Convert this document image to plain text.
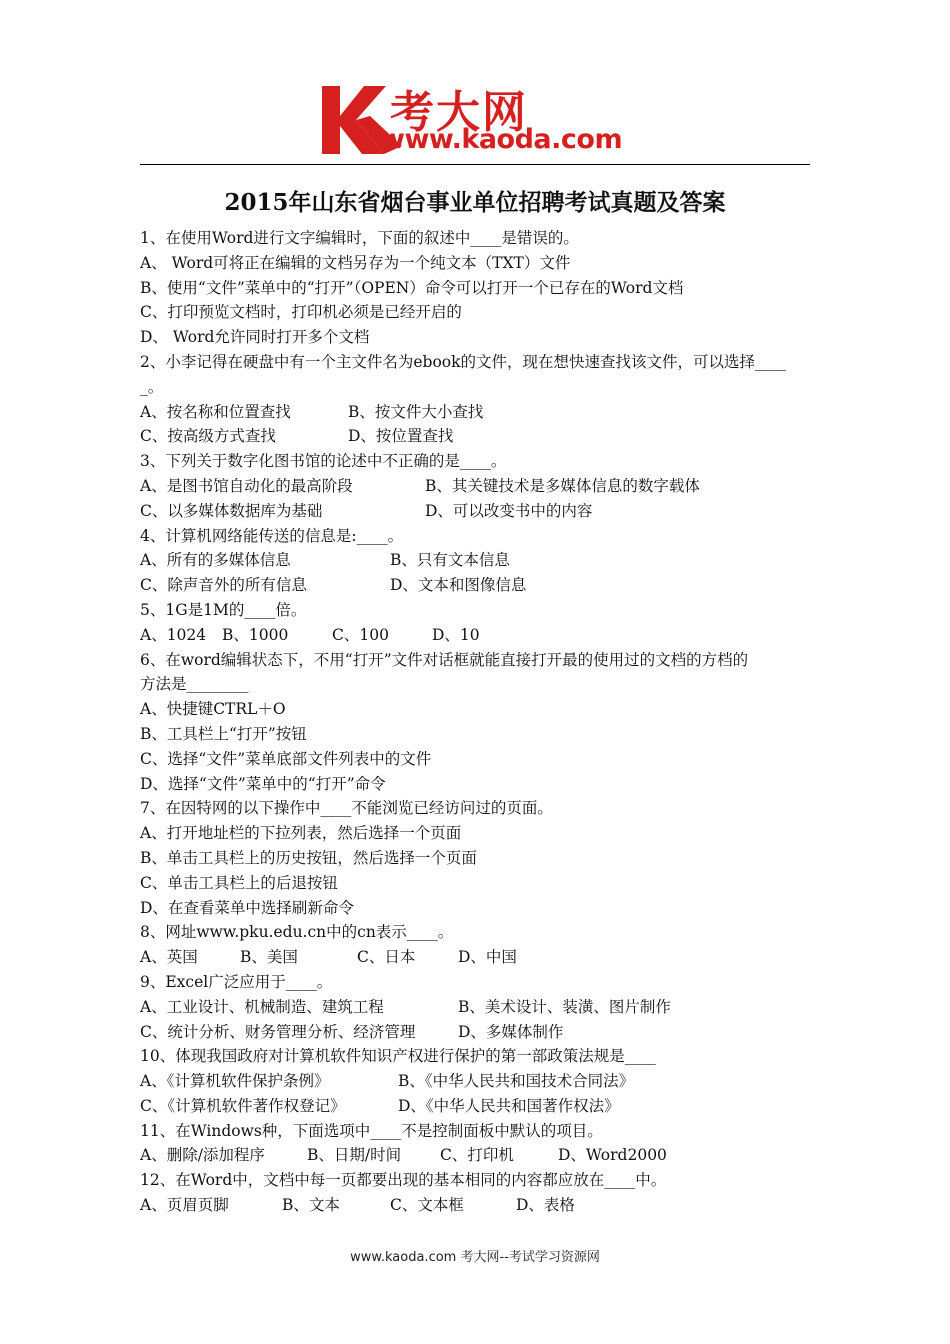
考大网
www.kaoda.com
2015年山东省烟台事业单位招聘考试真题及答案
1、在使用Word进行文字编辑时，下面的叙述中____是错误的。
A、 Word可将正在编辑的文档另存为一个纯文本（TXT）文件
B、使用“文件”菜单中的“打开”（OPEN）命令可以打开一个已存在的Word文档
C、打印预览文档时，打印机必须是已经开启的
D、 Word允许同时打开多个文档
2、小李记得在硬盘中有一个主文件名为ebook的文件，现在想快速查找该文件，可以选择____
_。
A、按名称和位置查找	B、按文件大小查找
C、按高级方式查找	D、按位置查找
3、下列关于数字化图书馆的论述中不正确的是____。
A、是图书馆自动化的最高阶段	B、其关键技术是多媒体信息的数字载体
C、以多媒体数据库为基础	D、可以改变书中的内容
4、计算机网络能传送的信息是:____。
A、所有的多媒体信息	B、只有文本信息
C、除声音外的所有信息	D、文本和图像信息
5、1G是1M的____倍。
A、1024 B、1000	C、100	D、10
6、在word编辑状态下，不用“打开”文件对话框就能直接打开最的使用过的文档的方档的
方法是________
A、快捷键CTRL＋O
B、工具栏上“打开”按钮
C、选择“文件”菜单底部文件列表中的文件
D、选择“文件”菜单中的“打开”命令
7、在因特网的以下操作中____不能浏览已经访问过的页面。
A、打开地址栏的下拉列表，然后选择一个页面
B、单击工具栏上的历史按钮，然后选择一个页面
C、单击工具栏上的后退按钮
D、在查看菜单中选择刷新命令
8、网址www.pku.edu.cn中的cn表示____。
A、英国	B、美国	C、日本	D、中国
9、Excel广泛应用于____。
A、工业设计、机械制造、建筑工程	B、美术设计、装潢、图片制作
C、统计分析、财务管理分析、经济管理	D、多媒体制作
10、体现我国政府对计算机软件知识产权进行保护的第一部政策法规是____
A、《计算机软件保护条例》	B、《中华人民共和国技术合同法》
C、《计算机软件著作权登记》	D、《中华人民共和国著作权法》
11、在Windows种，下面选项中____不是控制面板中默认的项目。
A、删除/添加程序	B、日期/时间	C、打印机	D、Word2000
12、在Word中，文档中每一页都要出现的基本相同的内容都应放在____中。
A、页眉页脚	B、文本	C、文本框	D、表格
www.kaoda.com 考大网--考试学习资源网
